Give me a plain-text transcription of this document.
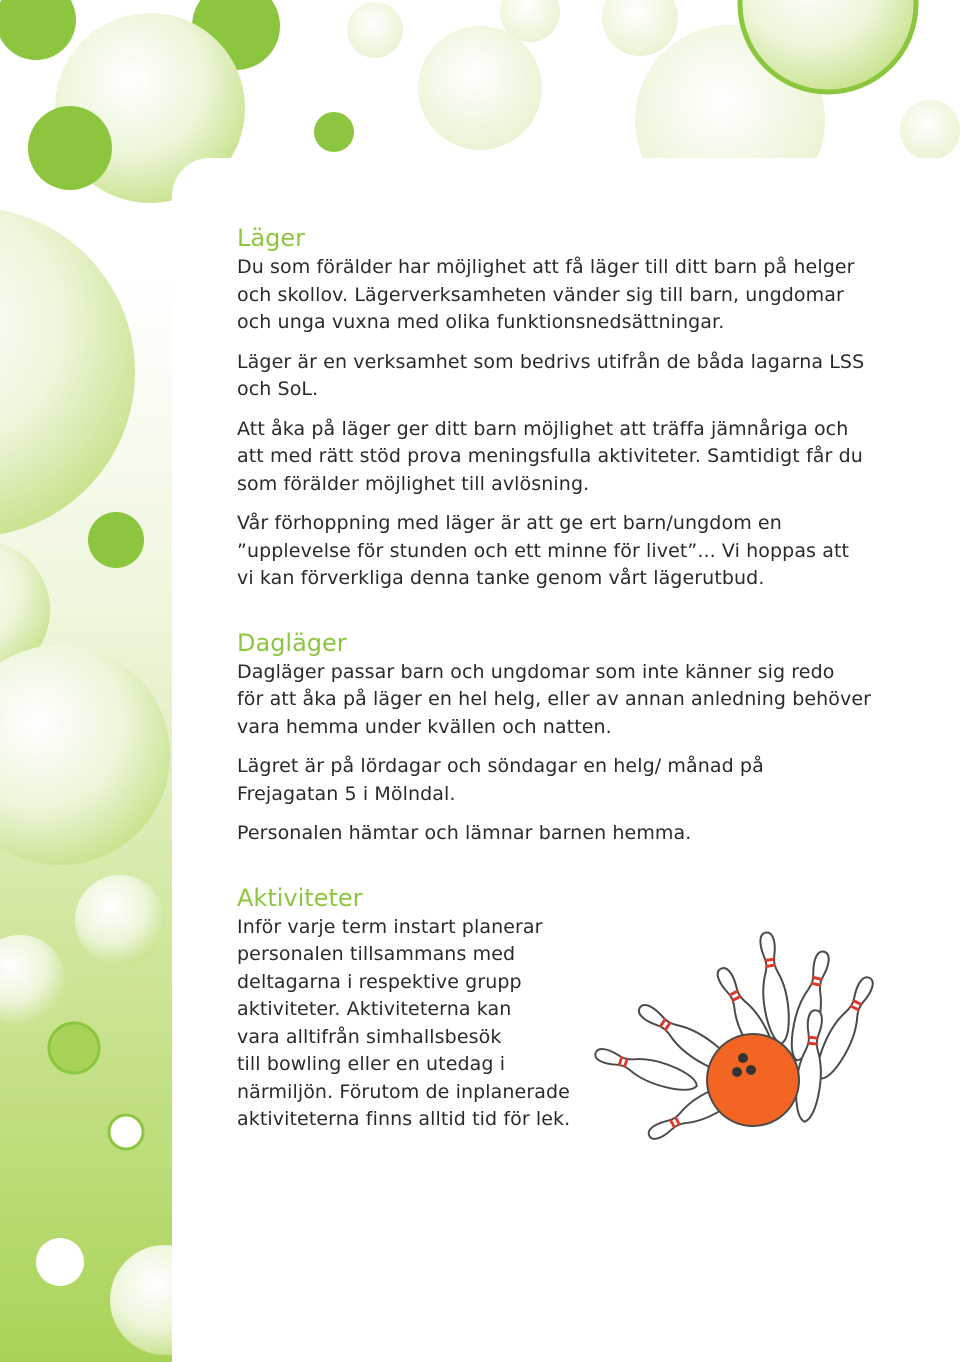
Läger

Du som förälder har möjlighet att få läger till ditt barn på helger
och skollov. Lägerverksamheten vänder sig till barn, ungdomar
och unga vuxna med olika funktionsnedsättningar.

Läger är en verksamhet som bedrivs utifrån de båda lagarna LSS
och SoL.

Att åka på läger ger ditt barn möjlighet att träffa jämnåriga och
att med rätt stöd prova meningsfulla aktiviteter. Samtidigt får du
som förälder möjlighet till avlösning.

Vår förhoppning med läger är att ge ert barn/ungdom en
”upplevelse för stunden och ett minne för livet”... Vi hoppas att
vi kan förverkliga denna tanke genom vårt lägerutbud.

Dagläger

Dagläger passar barn och ungdomar som inte känner sig redo
för att åka på läger en hel helg, eller av annan anledning behöver
vara hemma under kvällen och natten.

Lägret är på lördagar och söndagar en helg/ månad på
Frejagatan 5 i Mölndal.

Personalen hämtar och lämnar barnen hemma.

Aktiviteter

Inför varje term instart planerar
personalen tillsammans med
deltagarna i respektive grupp
aktiviteter. Aktiviteterna kan
vara alltifrån simhallsbesök
till bowling eller en utedag i
närmiljön. Förutom de inplanerade
aktiviteterna finns alltid tid för lek.
